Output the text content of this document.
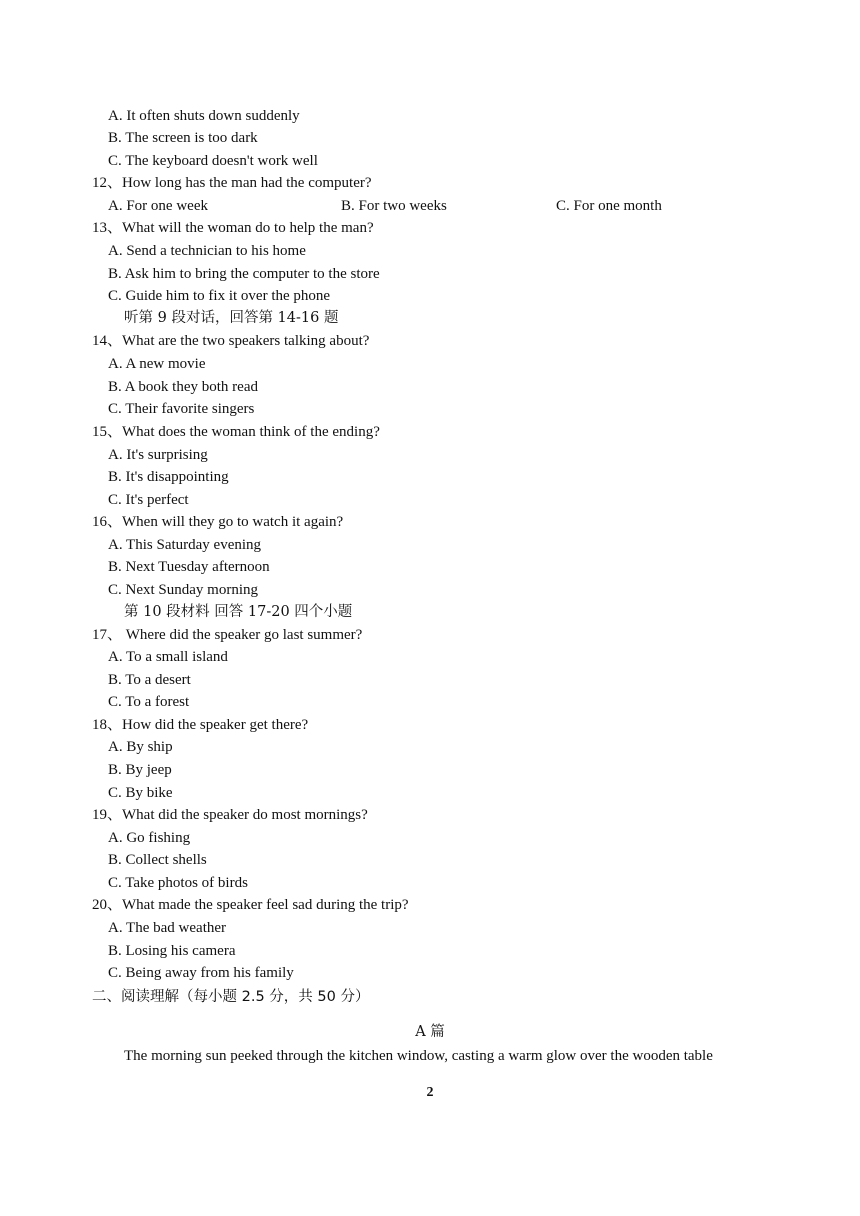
A. It often shuts down suddenly
B. The screen is too dark
C. The keyboard doesn't work well
12、How long has the man had the computer?
A. For one week	B. For two weeks	C. For one month
13、What will the woman do to help the man?
A. Send a technician to his home
B. Ask him to bring the computer to the store
C. Guide him to fix it over the phone
听第 9 段对话，回答第 14-16 题
14、What are the two speakers talking about?
A. A new movie
B. A book they both read
C. Their favorite singers
15、What does the woman think of the ending?
A. It's surprising
B. It's disappointing
C. It's perfect
16、When will they go to watch it again?
A. This Saturday evening
B. Next Tuesday afternoon
C. Next Sunday morning
第 10 段材料 回答 17-20 四个小题
17、 Where did the speaker go last summer?
A. To a small island
B. To a desert
C. To a forest
18、How did the speaker get there?
A. By ship
B. By jeep
C. By bike
19、What did the speaker do most mornings?
A. Go fishing
B. Collect shells
C. Take photos of birds
20、What made the speaker feel sad during the trip?
A. The bad weather
B. Losing his camera
C. Being away from his family
二、阅读理解（每小题 2.5 分，共 50 分）
A 篇
The morning sun peeked through the kitchen window, casting a warm glow over the wooden table
2
